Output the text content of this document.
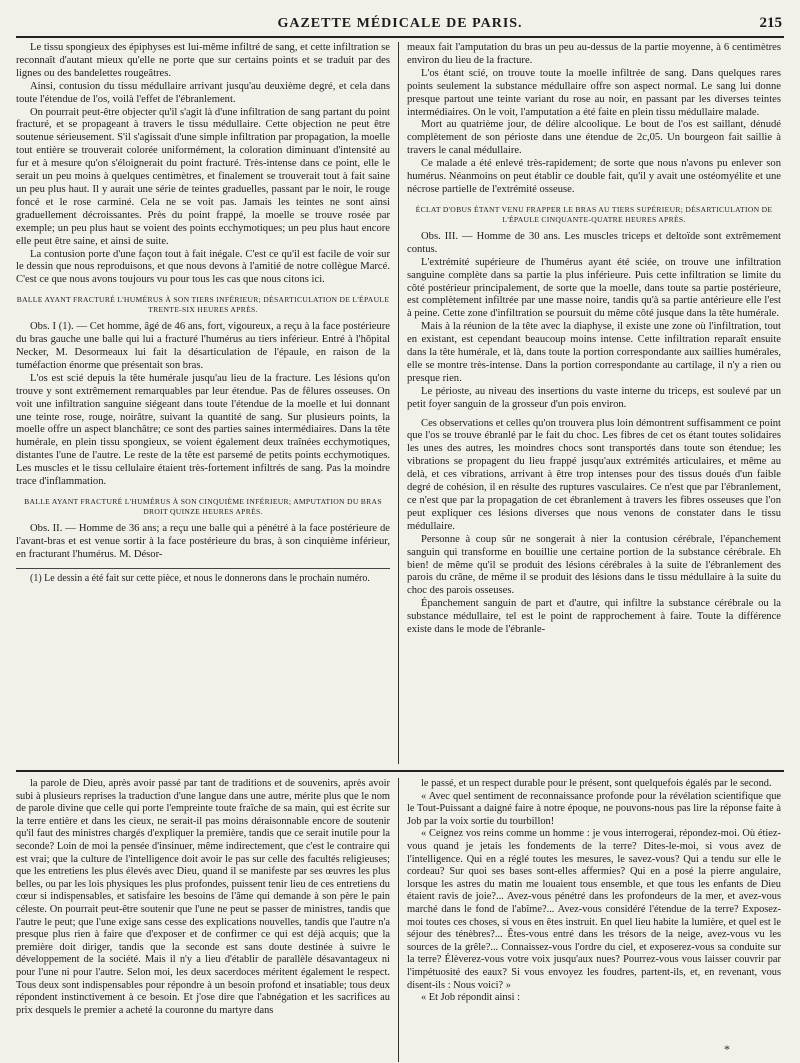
GAZETTE MÉDICALE DE PARIS.	215

Le tissu spongieux des épiphyses est lui-même infiltré de sang, et cette infiltration se reconnaît d'autant mieux qu'elle ne porte que sur certains points et se traduit par des lignes ou des bandelettes rougeâtres.

Ainsi, contusion du tissu médullaire arrivant jusqu'au deuxième degré, et cela dans toute l'étendue de l'os, voilà l'effet de l'ébranlement.

On pourrait peut-être objecter qu'il s'agit là d'une infiltration de sang partant du point fracturé, et se propageant à travers le tissu médullaire. Cette objection ne peut être soutenue sérieusement. S'il s'agissait d'une simple infiltration par propagation, la moelle tout entière se trouverait colorée uniformément, la coloration diminuant d'intensité au fur et à mesure qu'on s'éloignerait du point fracturé. Très-intense dans ce point, elle le serait un peu moins à quelques centimètres, et finalement se trouverait tout à fait saine un peu plus haut. Il y aurait une série de teintes graduelles, passant par le noir, le rouge foncé et le rose carminé. Cela ne se voit pas. Jamais les teintes ne sont ainsi graduellement décroissantes. Près du point frappé, la moelle se trouve rosée par exemple; un peu plus haut se voient des points ecchymotiques; un peu plus haut encore elle peut être saine, et ainsi de suite.

La contusion porte d'une façon tout à fait inégale. C'est ce qu'il est facile de voir sur le dessin que nous reproduisons, et que nous devons à l'amitié de notre collègue Marcé. C'est ce que nous avons toujours vu pour tous les cas que nous citons ici.

BALLE AYANT FRACTURÉ L'HUMÉRUS À SON TIERS INFÉRIEUR; DÉSARTICULATION DE L'ÉPAULE TRENTE-SIX HEURES APRÈS.

Obs. I (1). — Cet homme, âgé de 46 ans, fort, vigoureux, a reçu à la face postérieure du bras gauche une balle qui lui a fracturé l'humérus au tiers inférieur. Entré à l'hôpital Necker, M. Desormeaux lui fait la désarticulation de l'épaule, en raison de la tuméfaction énorme que présentait son bras.

L'os est scié depuis la tête humérale jusqu'au lieu de la fracture. Les lésions qu'on trouve y sont extrêmement remarquables par leur étendue. Pas de fêlures osseuses. On voit une infiltration sanguine siégeant dans toute l'étendue de la moelle et lui donnant une teinte rose, rouge, noirâtre, suivant la quantité de sang. Sur plusieurs points, la moelle offre un aspect blanchâtre; ce sont des parties saines intermédiaires. Dans la tête humérale, en plein tissu spongieux, se voient également deux traînées ecchymotiques, distantes l'une de l'autre. Le reste de la tête est parsemé de petits points ecchymotiques. Les muscles et le tissu cellulaire étaient très-fortement infiltrés de sang. Pas la moindre trace d'inflammation.

BALLE AYANT FRACTURÉ L'HUMÉRUS À SON CINQUIÈME INFÉRIEUR; AMPUTATION DU BRAS DROIT QUINZE HEURES APRÈS.

Obs. II. — Homme de 36 ans; a reçu une balle qui a pénétré à la face postérieure de l'avant-bras et est venue sortir à la face postérieure du bras, à son cinquième inférieur, en fracturant l'humérus. M. Désor-

(1) Le dessin a été fait sur cette pièce, et nous le donnerons dans le prochain numéro.

meaux fait l'amputation du bras un peu au-dessus de la partie moyenne, à 6 centimètres environ du lieu de la fracture.

L'os étant scié, on trouve toute la moelle infiltrée de sang. Dans quelques rares points seulement la substance médullaire offre son aspect normal. Le sang lui donne presque partout une teinte variant du rose au noir, en passant par les diverses teintes intermédiaires. On le voit, l'amputation a été faite en plein tissu médullaire malade.

Mort au quatrième jour, de délire alcoolique. Le bout de l'os est saillant, dénudé complètement de son périoste dans une étendue de 2c,05. Un bourgeon fait saillie à travers le canal médullaire.

Ce malade a été enlevé très-rapidement; de sorte que nous n'avons pu enlever son humérus. Néanmoins on peut établir ce double fait, qu'il y avait une ostéomyélite et une nécrose partielle de l'extrémité osseuse.

ÉCLAT D'OBUS ÉTANT VENU FRAPPER LE BRAS AU TIERS SUPÉRIEUR; DÉSARTICULATION DE L'ÉPAULE CINQUANTE-QUATRE HEURES APRÈS.

Obs. III. — Homme de 30 ans. Les muscles triceps et deltoïde sont extrêmement contus.

L'extrémité supérieure de l'humérus ayant été sciée, on trouve une infiltration sanguine complète dans sa partie la plus inférieure. Puis cette infiltration se limite du côté postérieur principalement, de sorte que la moelle, dans toute sa partie postérieure, est complètement infiltrée par une masse noire, tandis qu'à sa partie antérieure elle l'est à peine. Cette zone d'infiltration se poursuit du même côté jusque dans la tête humérale.

Mais à la réunion de la tête avec la diaphyse, il existe une zone où l'infiltration, tout en existant, est cependant beaucoup moins intense. Cette infiltration reparaît ensuite dans la tête humérale, et là, dans toute la portion correspondante aux saillies humérales, elle se montre très-intense. Dans la portion correspondante au cartilage, il n'y a rien ou presque rien.

Le périoste, au niveau des insertions du vaste interne du triceps, est soulevé par un petit foyer sanguin de la grosseur d'un pois environ.

Ces observations et celles qu'on trouvera plus loin démontrent suffisamment ce point que l'os se trouve ébranlé par le fait du choc. Les fibres de cet os étant toutes solidaires les unes des autres, les moindres chocs sont transportés dans toute son étendue; les vibrations se propagent du lieu frappé jusqu'aux extrémités articulaires, et même au delà, et ces vibrations, arrivant à être trop intenses pour des tissus doués d'un faible degré de cohésion, il en résulte des ruptures vasculaires. Ce n'est que par l'ébranlement, ce n'est que par la propagation de cet ébranlement à travers les fibres osseuses que l'on peut expliquer ces lésions diverses que nous venons de constater dans le tissu médullaire.

Personne à coup sûr ne songerait à nier la contusion cérébrale, l'épanchement sanguin qui transforme en bouillie une certaine portion de la substance cérébrale. Eh bien! de même qu'il se produit des lésions cérébrales à la suite de l'ébranlement des parois du crâne, de même il se produit des lésions dans le tissu médullaire à la suite du choc des parois osseuses.

Épanchement sanguin de part et d'autre, qui infiltre la substance cérébrale ou la substance médullaire, tel est le point de rapprochement à faire. Toute la différence existe dans le mode de l'ébranle-

la parole de Dieu, après avoir passé par tant de traditions et de souvenirs, après avoir subi à plusieurs reprises la traduction d'une langue dans une autre, mérite plus que le nom de parole divine que celle qui porte l'empreinte toute fraîche de sa main, qui est écrite sur la terre entière et dans les cieux, ne serait-il pas moins déraisonnable encore de soutenir qu'il faut des ministres chargés d'expliquer la première, tandis que ce serait inutile pour la seconde? Loin de moi la pensée d'insinuer, même indirectement, que c'est le contraire qui est vrai; que la culture de l'intelligence doit avoir le pas sur celle des facultés religieuses; que les entretiens les plus élevés avec Dieu, quand il se manifeste par ses œuvres les plus belles, ou par les lois physiques les plus profondes, puissent tenir lieu de ces entretiens du cœur si indispensables, et satisfaire les besoins de l'âme qui demande à son père le pain céleste. On pourrait peut-être soutenir que l'une ne peut se passer de ministres, tandis que l'autre le peut; que l'une exige sans cesse des explications nouvelles, tandis que l'autre n'a presque plus rien à faire que d'exposer et de confirmer ce qui est déjà acquis; que la première doit diriger, tandis que la seconde est sans doute destinée à suivre le développement de la société. Mais il n'y a lieu d'établir de parallèle désavantageux ni pour l'une ni pour l'autre. Selon moi, les deux sacerdoces méritent également le respect. Tous deux sont indispensables pour répondre à un besoin profond et insatiable; tous deux répondent instinctivement à ce besoin. Et j'ose dire que l'abnégation et les sacrifices au prix desquels le premier a acheté la couronne du martyre dans

le passé, et un respect durable pour le présent, sont quelquefois égalés par le second.

« Avec quel sentiment de reconnaissance profonde pour la révélation scientifique que le Tout-Puissant a daigné faire à notre époque, ne pouvons-nous pas lire la réponse faite à Job par la voix sortie du tourbillon!

« Ceignez vos reins comme un homme : je vous interrogerai, répondez-moi. Où étiez-vous quand je jetais les fondements de la terre? Dites-le-moi, si vous avez de l'intelligence. Qui en a réglé toutes les mesures, le savez-vous? Qui a tendu sur elle le cordeau? Sur quoi ses bases sont-elles affermies? Qui en a posé la pierre angulaire, lorsque les astres du matin me louaient tous ensemble, et que tous les enfants de Dieu étaient ravis de joie?... Avez-vous pénétré dans les profondeurs de la mer, et avez-vous marché dans le fond de l'abîme?... Avez-vous considéré l'étendue de la terre? Exposez-moi toutes ces choses, si vous en êtes instruit. En quel lieu habite la lumière, et quel est le séjour des ténèbres?... Êtes-vous entré dans les trésors de la neige, avez-vous vu les sources de la grêle?... Connaissez-vous l'ordre du ciel, et exposerez-vous sa conduite sur la terre? Élèverez-vous votre voix jusqu'aux nues? Pourrez-vous vous laisser couvrir par l'impétuosité des eaux? Si vous envoyez les foudres, partent-ils, et, en revenant, vous disent-ils : Nous voici? »

« Et Job répondit ainsi :

*
